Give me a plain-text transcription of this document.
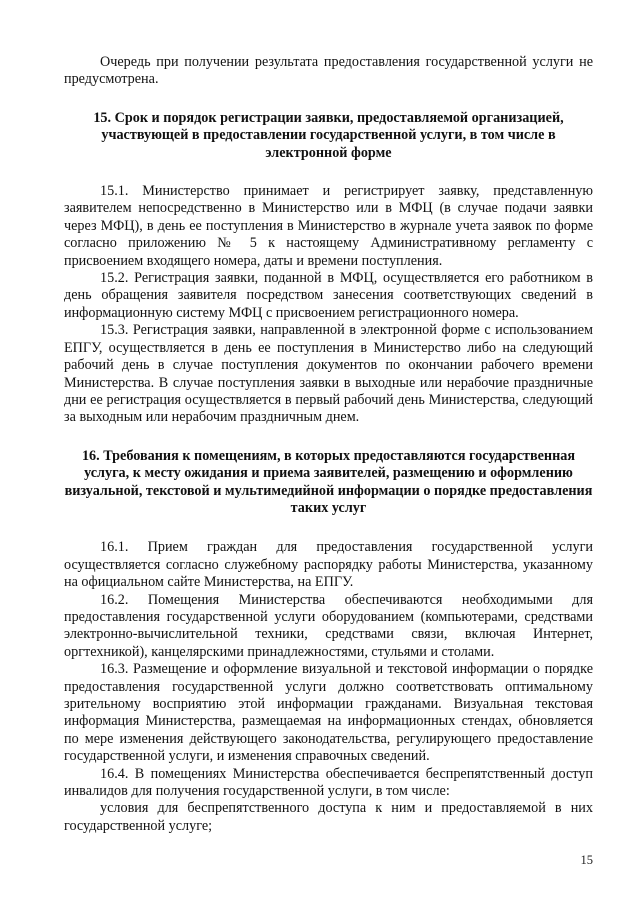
Очередь при получении результата предоставления государственной услуги не предусмотрена.

15. Срок и порядок регистрации заявки, предоставляемой организацией, участвующей в предоставлении государственной услуги, в том числе в электронной форме

15.1. Министерство принимает и регистрирует заявку, представленную заявителем непосредственно в Министерство или в МФЦ (в случае подачи заявки через МФЦ), в день ее поступления в Министерство в журнале учета заявок по форме согласно приложению № 5 к настоящему Административному регламенту с присвоением входящего номера, даты и времени поступления.

15.2. Регистрация заявки, поданной в МФЦ, осуществляется его работником в день обращения заявителя посредством занесения соответствующих сведений в информационную систему МФЦ с присвоением регистрационного номера.

15.3. Регистрация заявки, направленной в электронной форме с использованием ЕПГУ, осуществляется в день ее поступления в Министерство либо на следующий рабочий день в случае поступления документов по окончании рабочего времени Министерства. В случае поступления заявки в выходные или нерабочие праздничные дни ее регистрация осуществляется в первый рабочий день Министерства, следующий за выходным или нерабочим праздничным днем.

16. Требования к помещениям, в которых предоставляются государственная услуга, к месту ожидания и приема заявителей, размещению и оформлению визуальной, текстовой и мультимедийной информации о порядке предоставления таких услуг

16.1. Прием граждан для предоставления государственной услуги осуществляется согласно служебному распорядку работы Министерства, указанному на официальном сайте Министерства, на ЕПГУ.

16.2. Помещения Министерства обеспечиваются необходимыми для предоставления государственной услуги оборудованием (компьютерами, средствами электронно-вычислительной техники, средствами связи, включая Интернет, оргтехникой), канцелярскими принадлежностями, стульями и столами.

16.3. Размещение и оформление визуальной и текстовой информации о порядке предоставления государственной услуги должно соответствовать оптимальному зрительному восприятию этой информации гражданами. Визуальная текстовая информация Министерства, размещаемая на информационных стендах, обновляется по мере изменения действующего законодательства, регулирующего предоставление государственной услуги, и изменения справочных сведений.

16.4. В помещениях Министерства обеспечивается беспрепятственный доступ инвалидов для получения государственной услуги, в том числе:

условия для беспрепятственного доступа к ним и предоставляемой в них государственной услуге;

15
